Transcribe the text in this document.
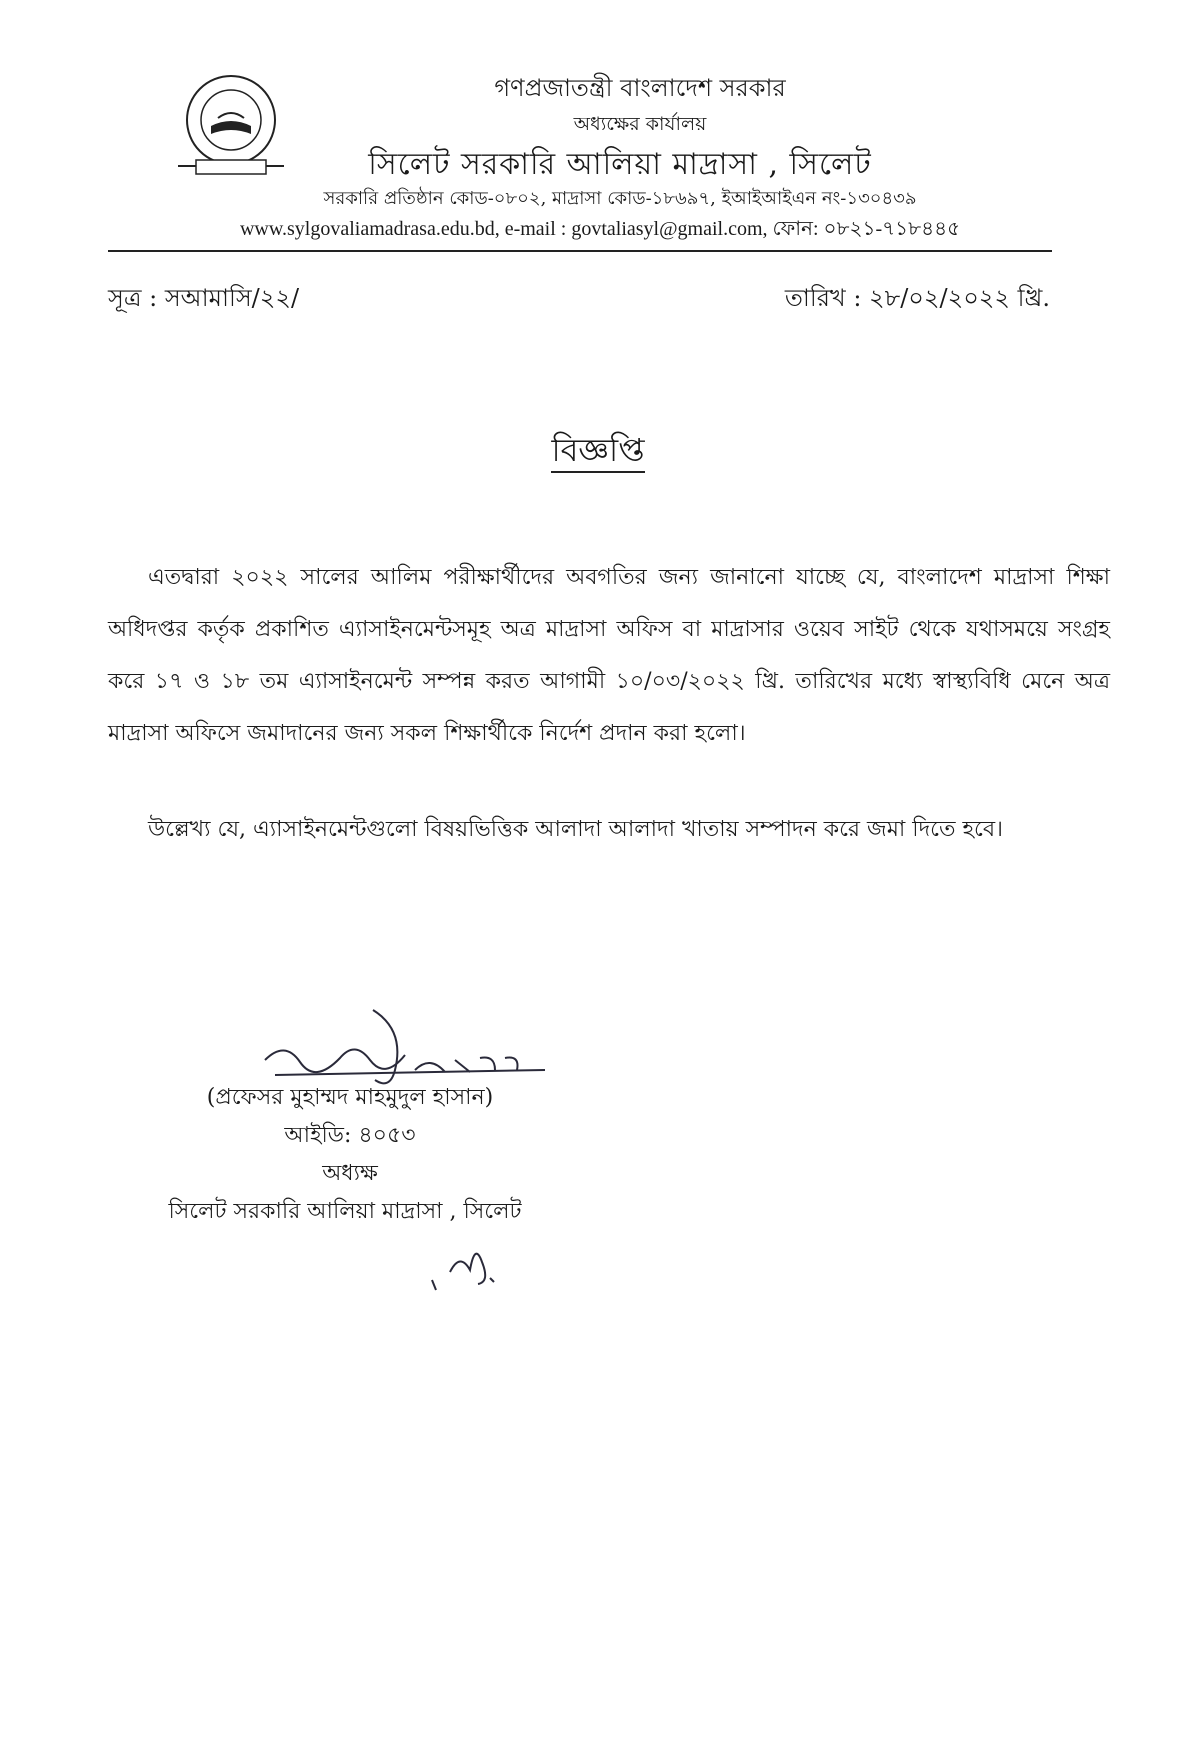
গণপ্রজাতন্ত্রী বাংলাদেশ সরকার
অধ্যক্ষের কার্যালয়
সিলেট সরকারি আলিয়া মাদ্রাসা , সিলেট
সরকারি প্রতিষ্ঠান কোড-০৮০২, মাদ্রাসা কোড-১৮৬৯৭, ইআইআইএন নং-১৩০৪৩৯
www.sylgovaliamadrasa.edu.bd, e-mail : govtaliasyl@gmail.com, ফোন: ০৮২১-৭১৮৪৪৫
সূত্র : সআমাসি/২২/	তারিখ : ২৮/০২/২০২২ খ্রি.
বিজ্ঞপ্তি
এতদ্বারা ২০২২ সালের আলিম পরীক্ষার্থীদের অবগতির জন্য জানানো যাচ্ছে যে, বাংলাদেশ মাদ্রাসা শিক্ষা অধিদপ্তর কর্তৃক প্রকাশিত এ্যাসাইনমেন্টসমূহ অত্র মাদ্রাসা অফিস বা মাদ্রাসার ওয়েব সাইট থেকে যথাসময়ে সংগ্রহ করে ১৭ ও ১৮ তম এ্যাসাইনমেন্ট সম্পন্ন করত আগামী ১০/০৩/২০২২ খ্রি. তারিখের মধ্যে স্বাস্থ্যবিধি মেনে অত্র মাদ্রাসা অফিসে জমাদানের জন্য সকল শিক্ষার্থীকে নির্দেশ প্রদান করা হলো।
উল্লেখ্য যে, এ্যাসাইনমেন্টগুলো বিষয়ভিত্তিক আলাদা আলাদা খাতায় সম্পাদন করে জমা দিতে হবে।
(প্রফেসর মুহাম্মদ মাহমুদুল হাসান)
আইডি: ৪০৫৩
অধ্যক্ষ
সিলেট সরকারি আলিয়া মাদ্রাসা , সিলেট
